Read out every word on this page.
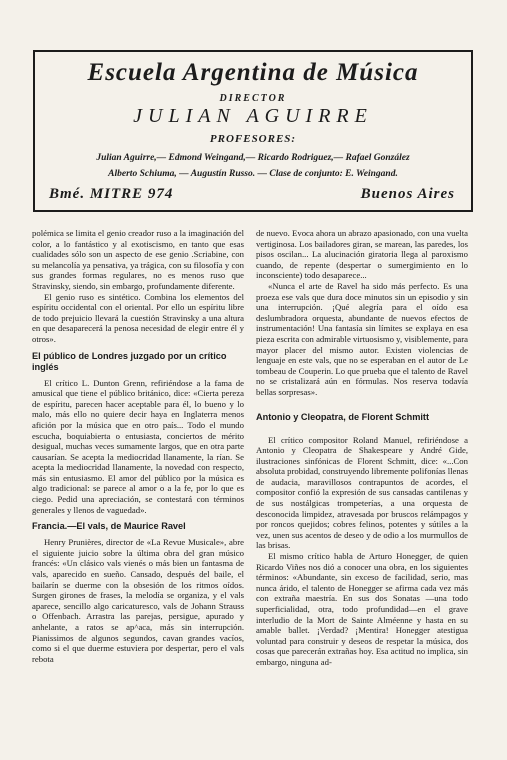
Escuela Argentina de Música
DIRECTOR
JULIAN AGUIRRE
PROFESORES:
Julian Aguirre,— Edmond Weingand,— Ricardo Rodriguez,— Rafael González
Alberto Schiuma, — Augustín Russo. — Clase de conjunto: E. Weingand.
Bmé. MITRE 974	Buenos Aires

polémica se limita el genio creador ruso a la imaginación del color, a lo fantástico y al exotiscismo, en tanto que esas cualidades sólo son un aspecto de ese genio .Scriabine, con su melancolía ya pensativa, ya trágica, con su filosofía y con sus grandes formas regulares, no es menos ruso que Stravinsky, siendo, sin embargo, profundamente diferente.

El genio ruso es sintético. Combina los elementos del espíritu occidental con el oriental. Por ello un espíritu libre de todo prejuicio llevará la cuestión Stravinsky a una altura en que desaparecerá la penosa necesidad de elegir entre él y otros».

El público de Londres juzgado por un crítico inglés

El crítico L. Dunton Grenn, refiriéndose a la fama de amusical que tiene el público británico, dice: «Cierta pereza de espíritu, parecen hacer aceptable para él, lo bueno y lo malo, más ello no quiere decir haya en Inglaterra menos afición por la música que en otro país... Todo el mundo escucha, boquiabierta o entusiasta, conciertos de mérito desigual, muchas veces sumamente largos, que en otra parte causarían. Se acepta la mediocridad llanamente, la rían. Se acepta la mediocridad llanamente, la novedad con respecto, más sin entusiasmo. El amor del público por la música es algo tradicional: se parece al amor o a la fe, por lo que es ciego. Pedid una apreciación, se contestará con términos generales y llenos de vaguedad».

Francia.—El vals, de Maurice Ravel

Henry Prunières, director de «La Revue Musicale», abre el siguiente juicio sobre la última obra del gran músico francés: «Un clásico vals vienés o más bien un fantasma de vals, aparecido en sueño. Cansado, después del baile, el bailarín se duerme con la obsesión de los ritmos oídos. Surgen girones de frases, la melodía se organiza, y el vals aparece, sencillo algo caricaturesco, vals de Johann Strauss o Offenbach. Arrastra las parejas, persigue, apurado y anhelante, a ratos se ap^aca, más sin interrupción. Pianissimos de algunos segundos, cavan grandes vacíos, como si el que duerme estuviera por despertar, pero el vals rebota

de nuevo. Evoca ahora un abrazo apasionado, con una vuelta vertiginosa. Los bailadores giran, se marean, las paredes, los pisos oscilan... La alucinación giratoria llega al paroxismo cuando, de repente (despertar o sumergimiento en lo inconsciente) todo desaparece...

«Nunca el arte de Ravel ha sido más perfecto. Es una proeza ese vals que dura doce minutos sin un episodio y sin una interrupción. ¡Qué alegría para el oído esa deslumbradora orquesta, abundante de nuevos efectos de instrumentación! Una fantasía sin límites se explaya en esa pieza escrita con admirable virtuosismo y, visiblemente, para mayor placer del mismo autor. Existen violencias de lenguaje en este vals, que no se esperaban en el autor de Le tombeau de Couperin. Lo que prueba que el talento de Ravel no se cristalizará aún en fórmulas. Nos reserva todavía bellas sorpresas».

Antonio y Cleopatra, de Florent Schmitt

El crítico compositor Roland Manuel, refiriéndose a Antonio y Cleopatra de Shakespeare y André Gide, ilustraciones sinfónicas de Florent Schmitt, dice: «...Con absoluta probidad, construyendo libremente polifonías llenas de audacia, maravillosos contrapuntos de acordes, el compositor confió la expresión de sus cansadas cantilenas y de sus nostálgicas trompeterías, a una orquesta de desconocida limpidez, atravesada por bruscos relámpagos y por roncos quejidos; cobres felinos, potentes y sútiles a la vez, unen sus acentos de deseo y de odio a los murmullos de las brisas.

El mismo crítico habla de Arturo Honegger, de quien Ricardo Viñes nos dió a conocer una obra, en los siguientes términos: «Abundante, sin exceso de facilidad, serio, mas nunca árido, el talento de Honegger se afirma cada vez más con extraña maestría. En sus dos Sonatas —una todo superficialidad, otra, todo profundidad—en el grave interludio de la Mort de Sainte Alméenne y hasta en su amable ballet. ¡Verdad? ¡Mentira! Honegger atestigua voluntad para construir y deseos de respetar la música, dos cosas que parecerán extrañas hoy. Esa actitud no implica, sin embargo, ninguna ad-
